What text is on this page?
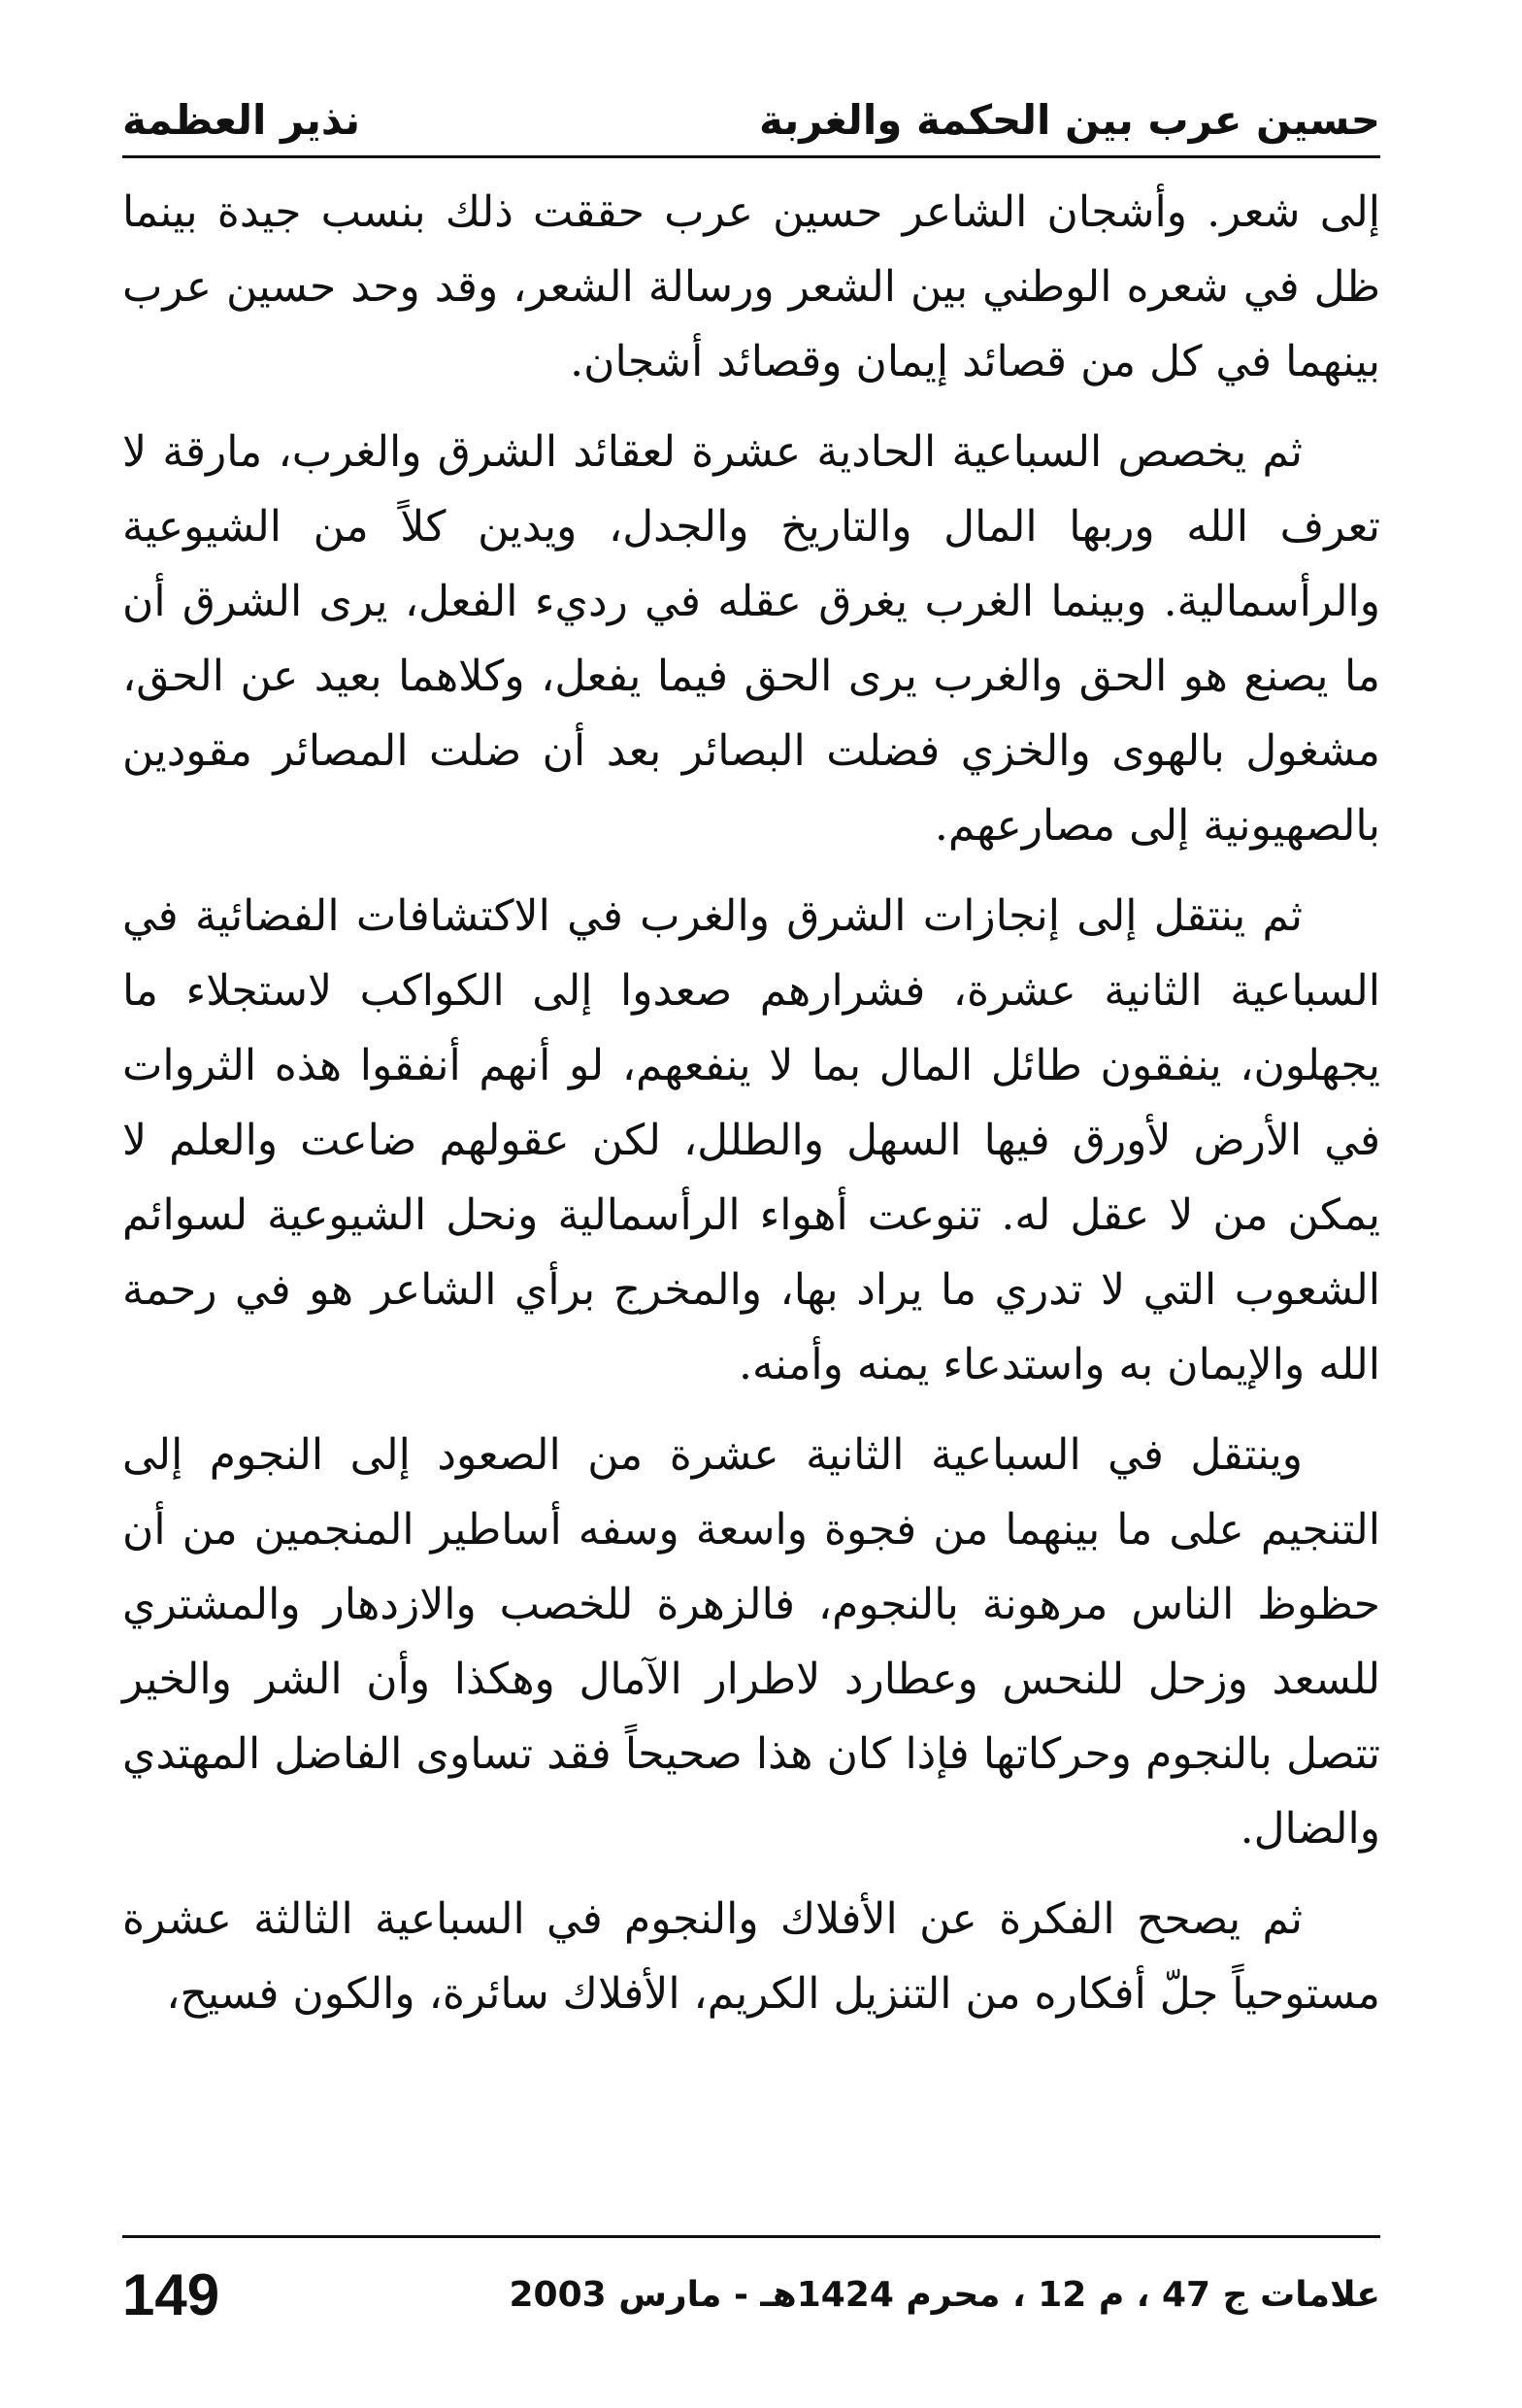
حسين عرب بين الحكمة والغربة
نذير العظمة

إلى شعر. وأشجان الشاعر حسين عرب حققت ذلك بنسب جيدة بينما ظل في شعره الوطني بين الشعر ورسالة الشعر، وقد وحد حسين عرب بينهما في كل من قصائد إيمان وقصائد أشجان.

ثم يخصص السباعية الحادية عشرة لعقائد الشرق والغرب، مارقة لا تعرف الله وربها المال والتاريخ والجدل، ويدين كلاً من الشيوعية والرأسمالية. وبينما الغرب يغرق عقله في رديء الفعل، يرى الشرق أن ما يصنع هو الحق والغرب يرى الحق فيما يفعل، وكلاهما بعيد عن الحق، مشغول بالهوى والخزي فضلت البصائر بعد أن ضلت المصائر مقودين بالصهيونية إلى مصارعهم.

ثم ينتقل إلى إنجازات الشرق والغرب في الاكتشافات الفضائية في السباعية الثانية عشرة، فشرارهم صعدوا إلى الكواكب لاستجلاء ما يجهلون، ينفقون طائل المال بما لا ينفعهم، لو أنهم أنفقوا هذه الثروات في الأرض لأورق فيها السهل والطلل، لكن عقولهم ضاعت والعلم لا يمكن من لا عقل له. تنوعت أهواء الرأسمالية ونحل الشيوعية لسوائم الشعوب التي لا تدري ما يراد بها، والمخرج برأي الشاعر هو في رحمة الله والإيمان به واستدعاء يمنه وأمنه.

وينتقل في السباعية الثانية عشرة من الصعود إلى النجوم إلى التنجيم على ما بينهما من فجوة واسعة وسفه أساطير المنجمين من أن حظوظ الناس مرهونة بالنجوم، فالزهرة للخصب والازدهار والمشتري للسعد وزحل للنحس وعطارد لاطرار الآمال وهكذا وأن الشر والخير تتصل بالنجوم وحركاتها فإذا كان هذا صحيحاً فقد تساوى الفاضل المهتدي والضال.

ثم يصحح الفكرة عن الأفلاك والنجوم في السباعية الثالثة عشرة مستوحياً جلّ أفكاره من التنزيل الكريم، الأفلاك سائرة، والكون فسيح،

علامات ج 47 ، م 12 ، محرم 1424هـ - مارس 2003
149
